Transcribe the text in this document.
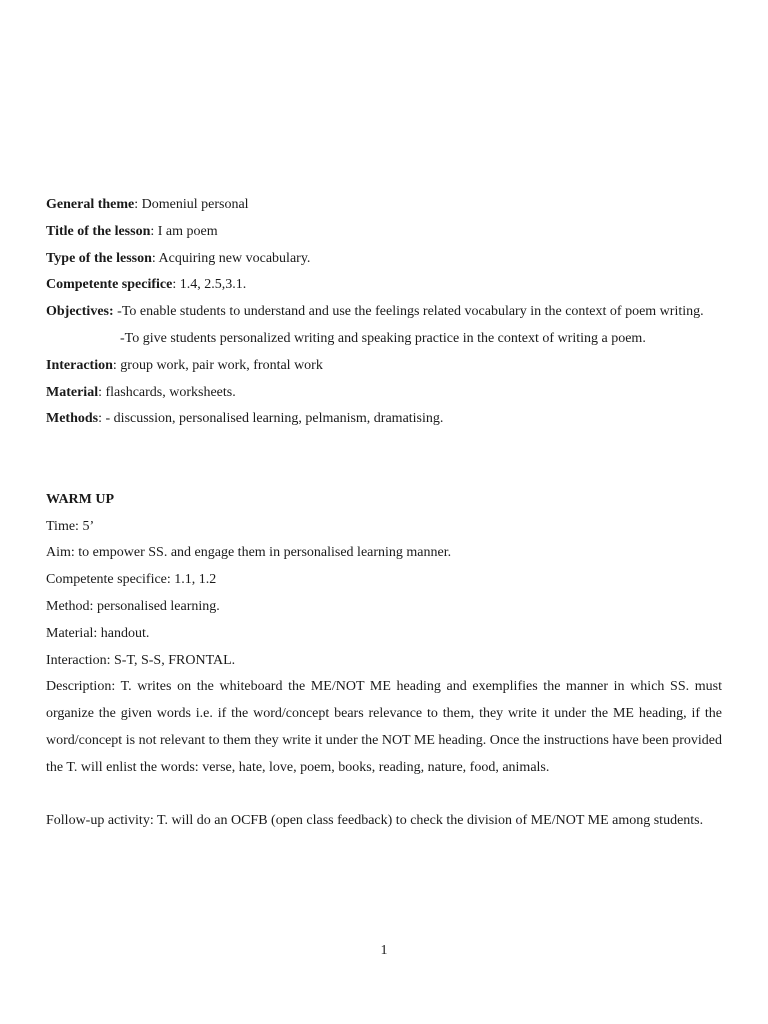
General theme: Domeniul personal

Title of the lesson: I am poem

Type of the lesson: Acquiring new vocabulary.

Competente specifice: 1.4, 2.5,3.1.

Objectives: -To enable students to understand and use the feelings related vocabulary in the context of poem writing.

-To give students personalized writing and speaking practice in the context of writing a poem.

Interaction: group work, pair work, frontal work

Material: flashcards, worksheets.

Methods: - discussion, personalised learning, pelmanism, dramatising.

WARM UP

Time: 5’

Aim: to empower SS. and engage them in personalised learning manner.

Competente specifice: 1.1, 1.2

Method: personalised learning.

Material: handout.

Interaction: S-T, S-S, FRONTAL.

Description: T. writes on the whiteboard the ME/NOT ME heading and exemplifies the manner in which SS. must organize the given words i.e. if the word/concept bears relevance to them, they write it under the ME heading, if the word/concept is not relevant to them they write it under the NOT ME heading. Once the instructions have been provided the T. will enlist the words: verse, hate, love, poem, books, reading, nature, food, animals.

Follow-up activity: T. will do an OCFB (open class feedback) to check the division of ME/NOT ME among students.

1
